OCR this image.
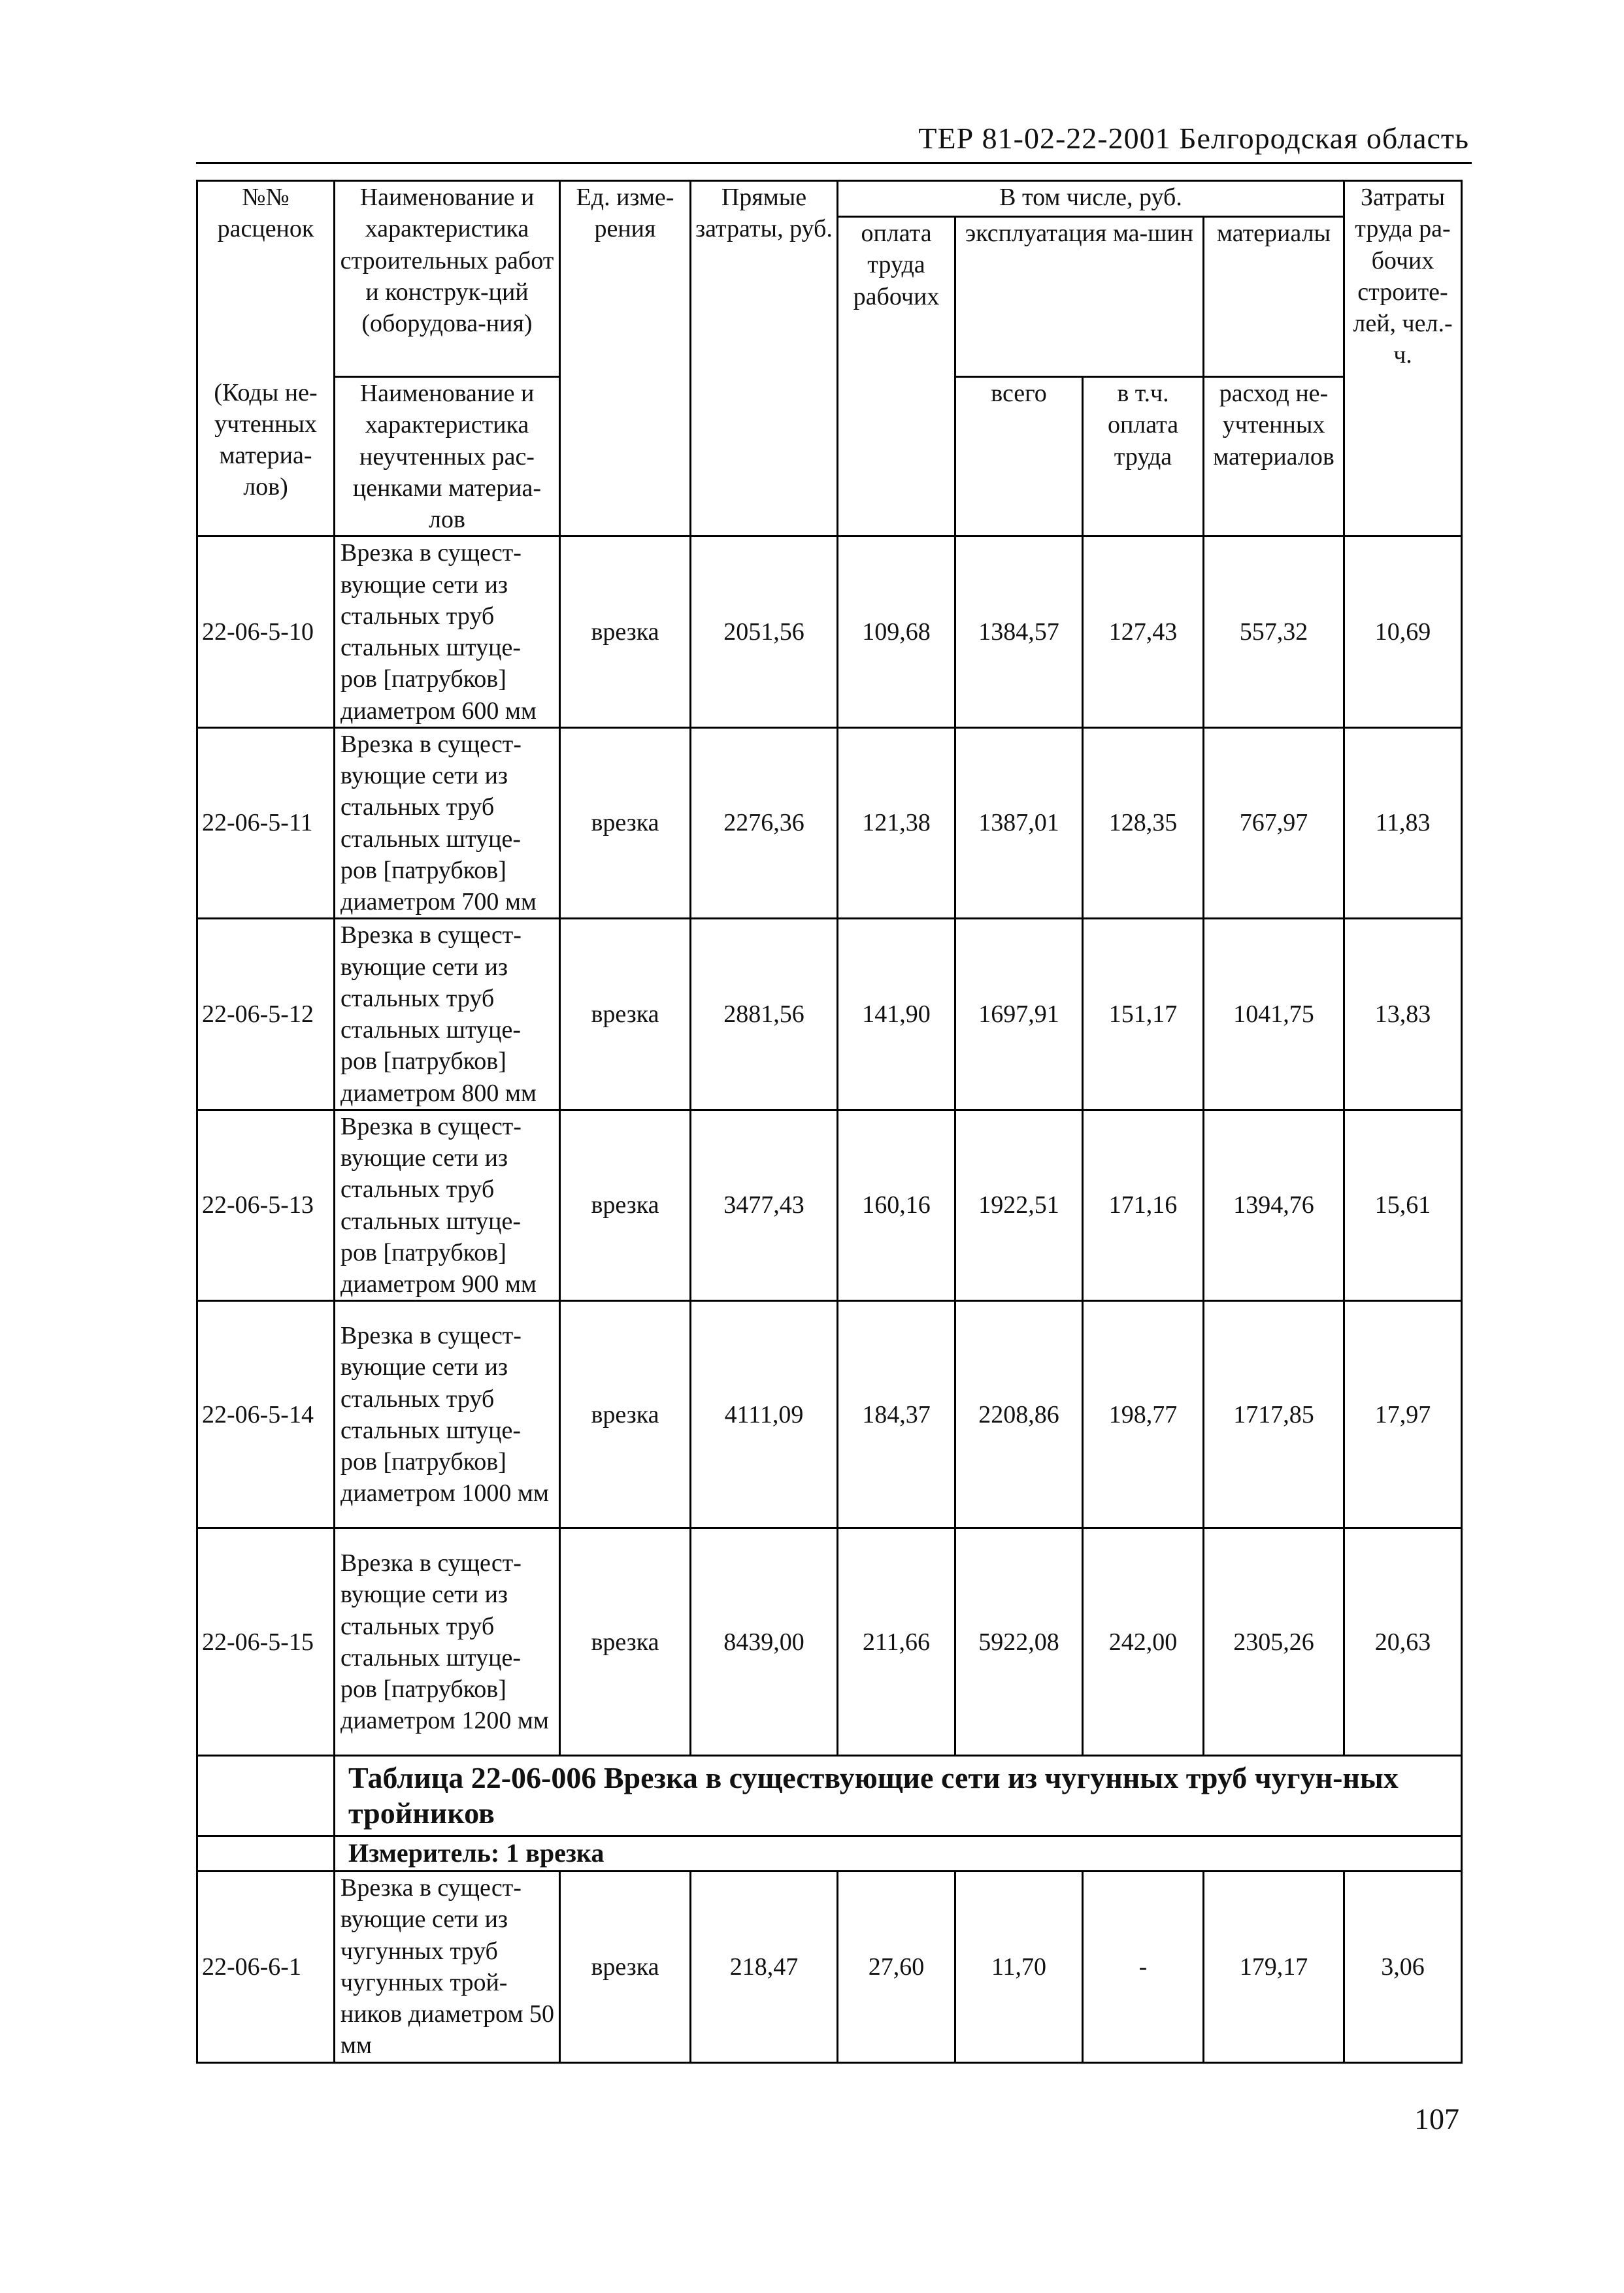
ТЕР 81-02-22-2001 Белгородская область
№№ расценок	Наименование и характеристика строительных работ и конструк-ций (оборудова-ния)	Ед. изме-рения	Прямые затраты, руб.	В том числе, руб.				Затраты труда ра-бочих строите-лей, чел.-ч.
				оплата труда рабочих	эксплуатация ма-шин		материалы	
(Коды не-учтенных материа-лов)	Наименование и характеристика неучтенных рас-ценками материа-лов				всего	в т.ч. оплата труда	расход не-учтенных материалов	
22-06-5-10	Врезка в сущест-вующие сети из стальных труб стальных штуце-ров [патрубков] диаметром 600 мм	врезка	2051,56	109,68	1384,57	127,43	557,32	10,69
22-06-5-11	Врезка в сущест-вующие сети из стальных труб стальных штуце-ров [патрубков] диаметром 700 мм	врезка	2276,36	121,38	1387,01	128,35	767,97	11,83
22-06-5-12	Врезка в сущест-вующие сети из стальных труб стальных штуце-ров [патрубков] диаметром 800 мм	врезка	2881,56	141,90	1697,91	151,17	1041,75	13,83
22-06-5-13	Врезка в сущест-вующие сети из стальных труб стальных штуце-ров [патрубков] диаметром 900 мм	врезка	3477,43	160,16	1922,51	171,16	1394,76	15,61
22-06-5-14	Врезка в сущест-вующие сети из стальных труб стальных штуце-ров [патрубков] диаметром 1000 мм	врезка	4111,09	184,37	2208,86	198,77	1717,85	17,97
22-06-5-15	Врезка в сущест-вующие сети из стальных труб стальных штуце-ров [патрубков] диаметром 1200 мм	врезка	8439,00	211,66	5922,08	242,00	2305,26	20,63
	Таблица 22-06-006 Врезка в существующие сети из чугунных труб чугун-ных тройников							
	Измеритель: 1 врезка							
22-06-6-1	Врезка в сущест-вующие сети из чугунных труб чугунных трой-ников диаметром 50 мм	врезка	218,47	27,60	11,70	-	179,17	3,06
107
